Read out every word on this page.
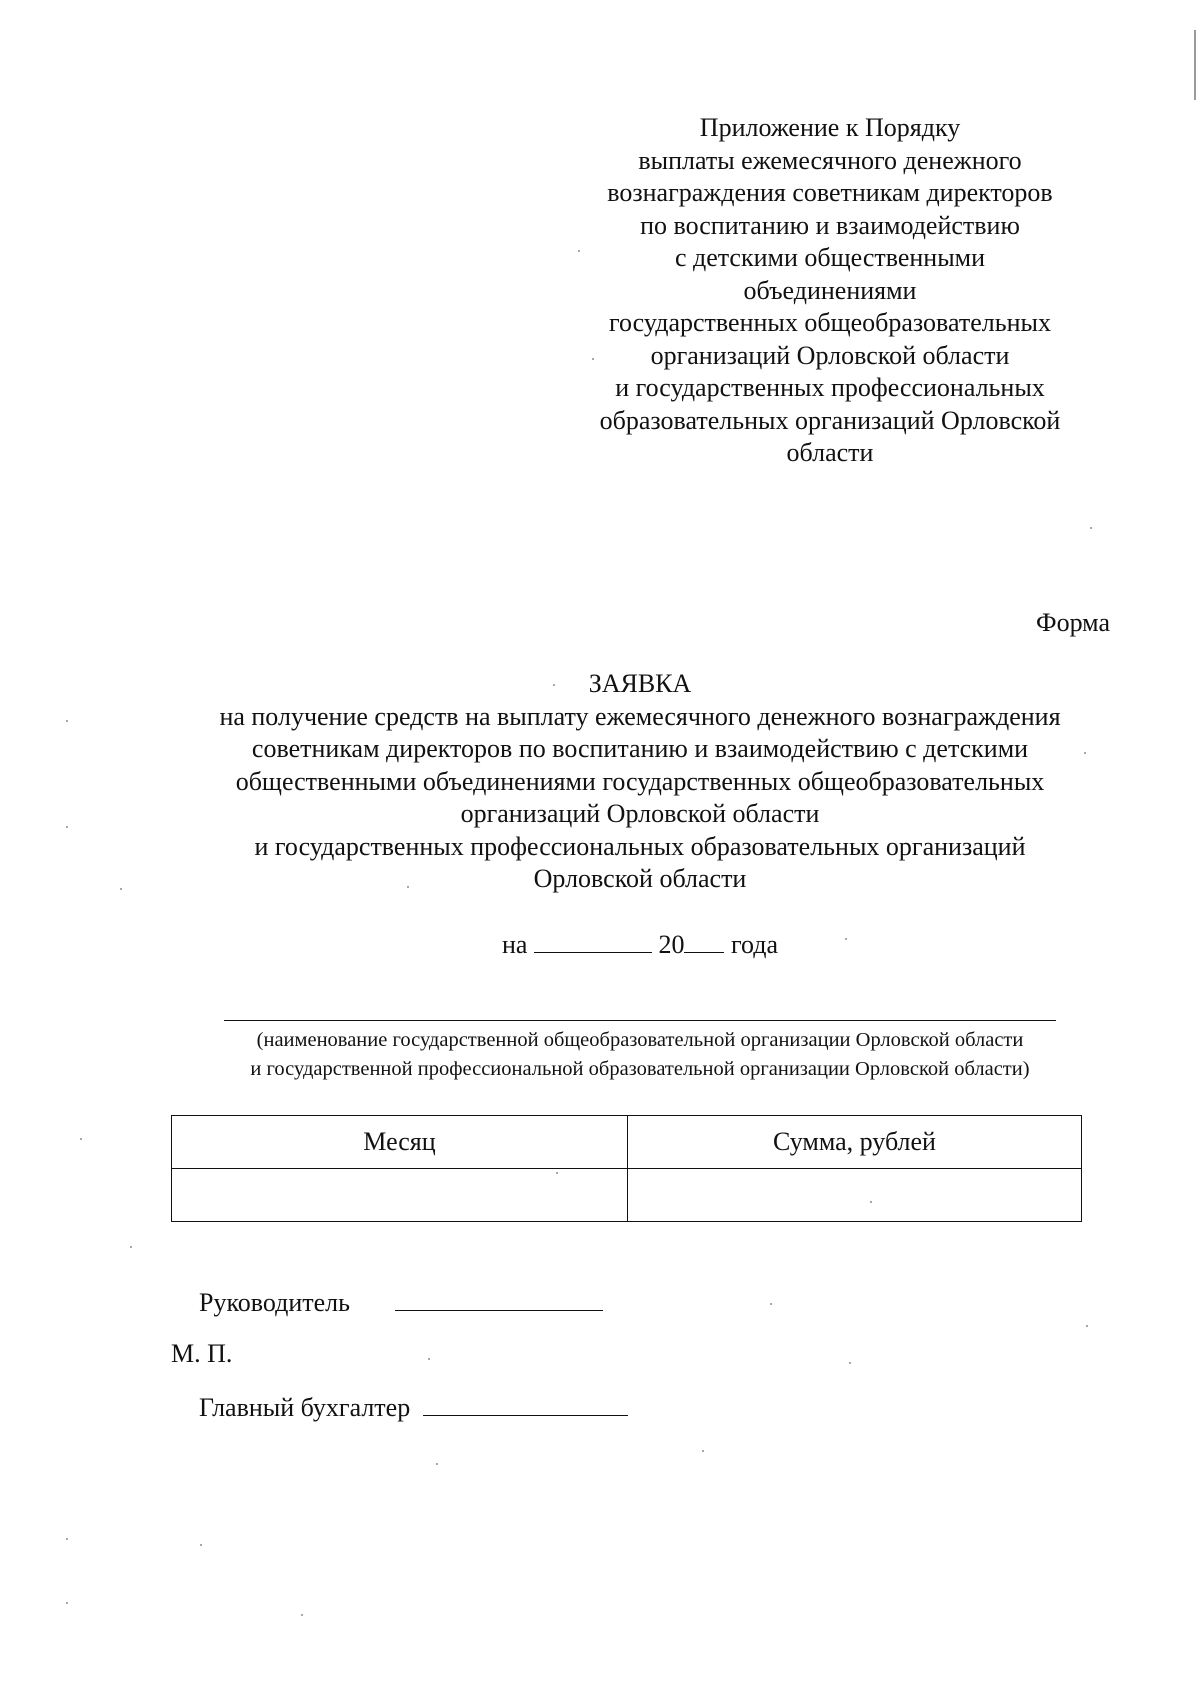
Приложение к Порядку
выплаты ежемесячного денежного
вознаграждения советникам директоров
по воспитанию и взаимодействию
с детскими общественными
объединениями
государственных общеобразовательных
организаций Орловской области
и государственных профессиональных
образовательных организаций Орловской
области
Форма
ЗАЯВКА
на получение средств на выплату ежемесячного денежного вознаграждения
советникам директоров по воспитанию и взаимодействию с детскими
общественными объединениями государственных общеобразовательных
организаций Орловской области
и государственных профессиональных образовательных организаций
Орловской области
на	20 года
(наименование государственной общеобразовательной организации Орловской области
и государственной профессиональной образовательной организации Орловской области)
Месяц	Сумма, рублей

Руководитель
М. П.
Главный бухгалтер
